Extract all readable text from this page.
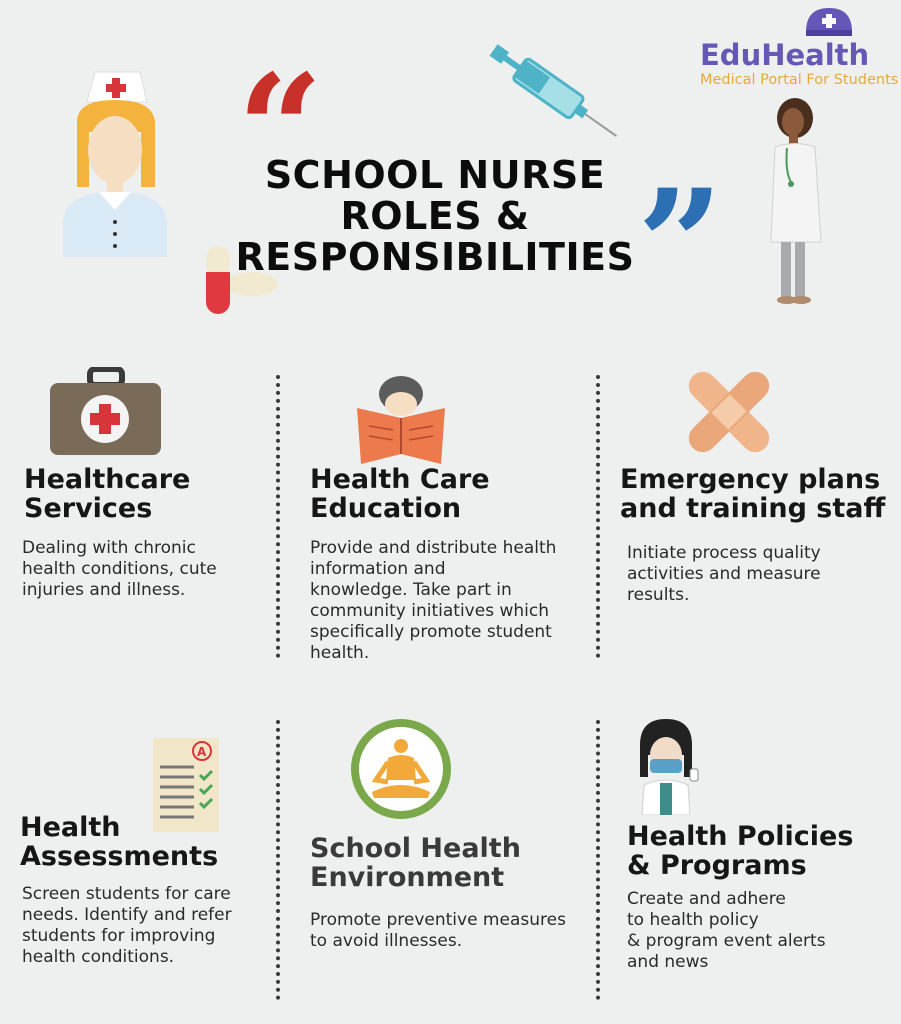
“
”
EduHealth
Medical Portal For Students
SCHOOL NURSE
ROLES &
RESPONSIBILITIES
Healthcare
Services
Dealing with chronic
health conditions, cute
injuries and illness.
Health Care
Education
Provide and distribute health
information and
knowledge. Take part in
community initiatives which
specifically promote student
health.
Emergency plans
and training staff
Initiate process quality
activities and measure
results.
A
Health
Assessments
Screen students for care
needs. Identify and refer
students for improving
health conditions.
School Health
Environment
Promote preventive measures
to avoid illnesses.
Health Policies
& Programs
Create and adhere
to health policy
& program event alerts
and news
